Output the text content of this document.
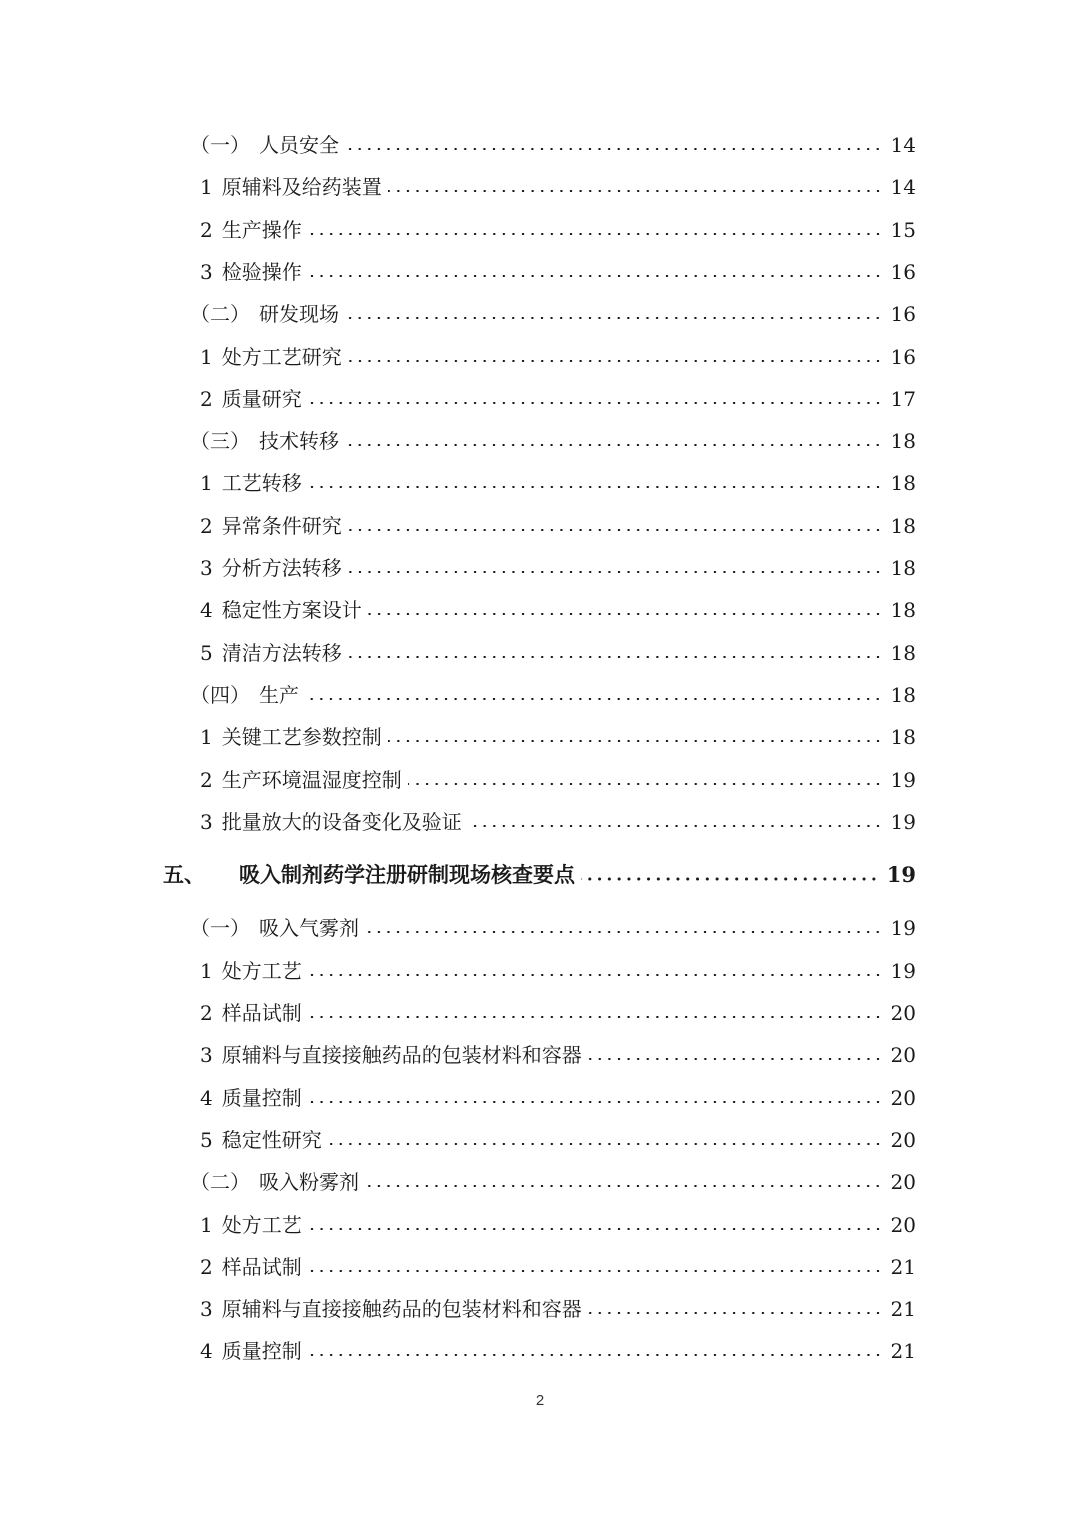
（一） 人员安全	14
1 原辅料及给药装置	14
2 生产操作	15
3 检验操作	16
（二） 研发现场	16
1 处方工艺研究	16
2 质量研究	17
（三） 技术转移	18
1 工艺转移	18
2 异常条件研究	18
3 分析方法转移	18
4 稳定性方案设计	18
5 清洁方法转移	18
（四） 生产	18
1 关键工艺参数控制	18
2 生产环境温湿度控制	19
3 批量放大的设备变化及验证	19
五、 吸入制剂药学注册研制现场核查要点	19
（一） 吸入气雾剂	19
1 处方工艺	19
2 样品试制	20
3 原辅料与直接接触药品的包装材料和容器	20
4 质量控制	20
5 稳定性研究	20
（二） 吸入粉雾剂	20
1 处方工艺	20
2 样品试制	21
3 原辅料与直接接触药品的包装材料和容器	21
4 质量控制	21
2
